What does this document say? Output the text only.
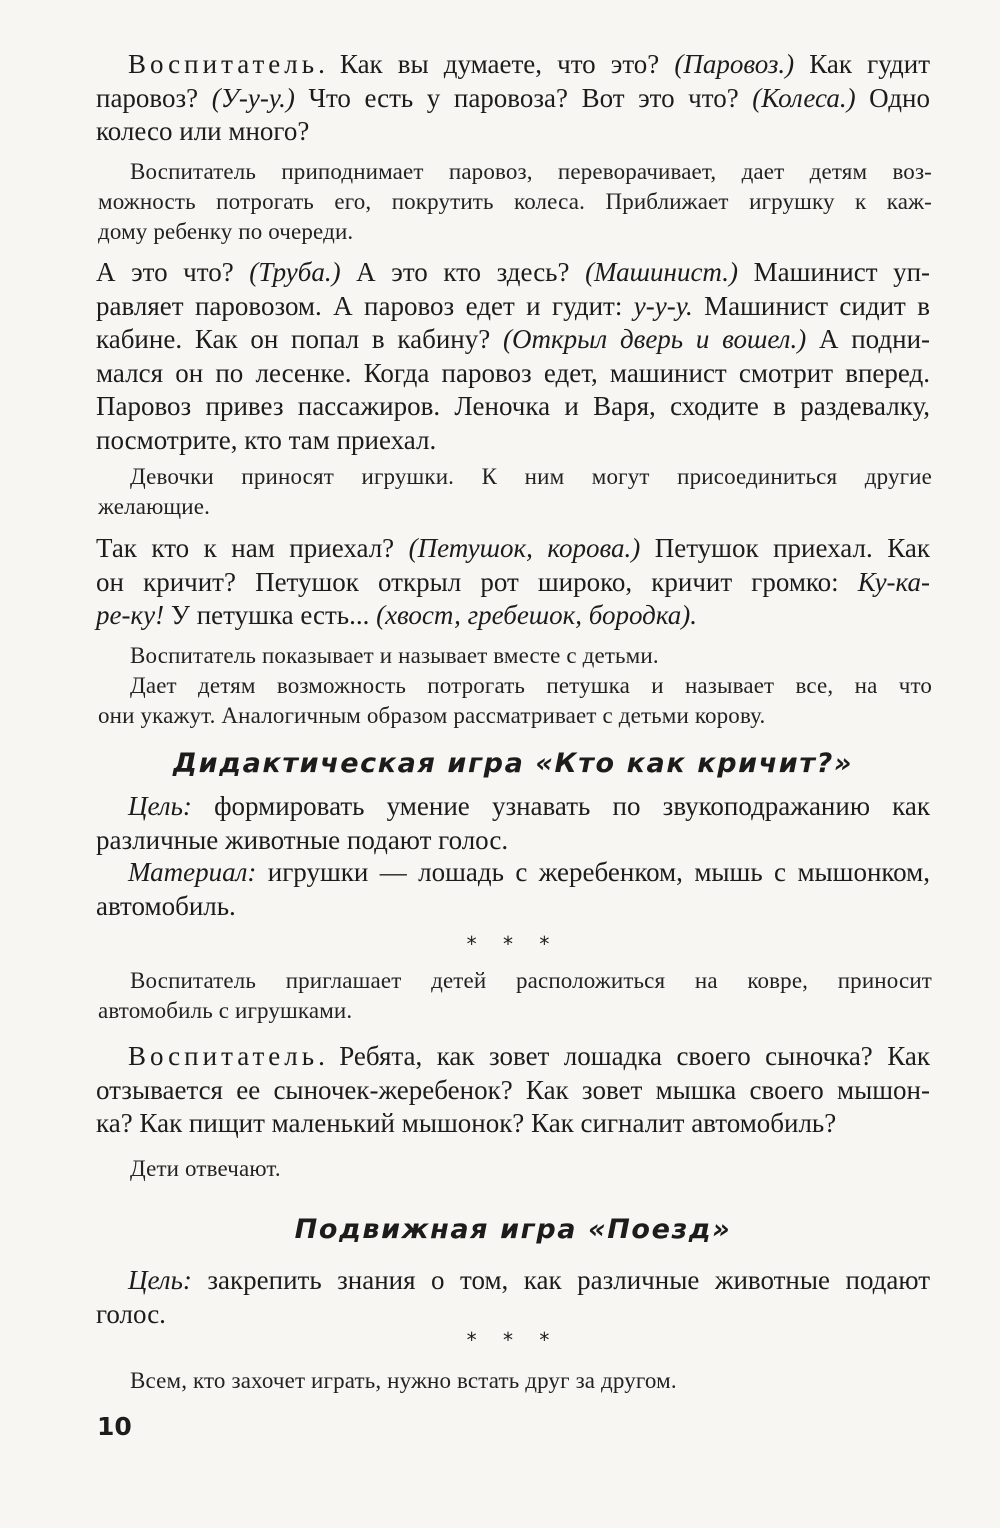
Воспитатель. Как вы думаете, что это? (Паровоз.) Как гудит
паровоз? (У-у-у.) Что есть у паровоза? Вот это что? (Колеса.) Одно
колесо или много?
Воспитатель приподнимает паровоз, переворачивает, дает детям воз-
можность потрогать его, покрутить колеса. Приближает игрушку к каж-
дому ребенку по очереди.
А это что? (Труба.) А это кто здесь? (Машинист.) Машинист уп-
равляет паровозом. А паровоз едет и гудит: у-у-у. Машинист сидит в
кабине. Как он попал в кабину? (Открыл дверь и вошел.) А подни-
мался он по лесенке. Когда паровоз едет, машинист смотрит вперед.
Паровоз привез пассажиров. Леночка и Варя, сходите в раздевалку,
посмотрите, кто там приехал.
Девочки приносят игрушки. К ним могут присоединиться другие
желающие.
Так кто к нам приехал? (Петушок, корова.) Петушок приехал. Как
он кричит? Петушок открыл рот широко, кричит громко: Ку-ка-
ре-ку! У петушка есть... (хвост, гребешок, бородка).
Воспитатель показывает и называет вместе с детьми.
Дает детям возможность потрогать петушка и называет все, на что
они укажут. Аналогичным образом рассматривает с детьми корову.
Дидактическая игра «Кто как кричит?»
Цель: формировать умение узнавать по звукоподражанию как
различные животные подают голос.
Материал: игрушки — лошадь с жеребенком, мышь с мышонком,
автомобиль.
* * *
Воспитатель приглашает детей расположиться на ковре, приносит
автомобиль с игрушками.
Воспитатель. Ребята, как зовет лошадка своего сыночка? Как
отзывается ее сыночек-жеребенок? Как зовет мышка своего мышон-
ка? Как пищит маленький мышонок? Как сигналит автомобиль?
Дети отвечают.
Подвижная игра «Поезд»
Цель: закрепить знания о том, как различные животные подают
голос.
* * *
Всем, кто захочет играть, нужно встать друг за другом.
10
